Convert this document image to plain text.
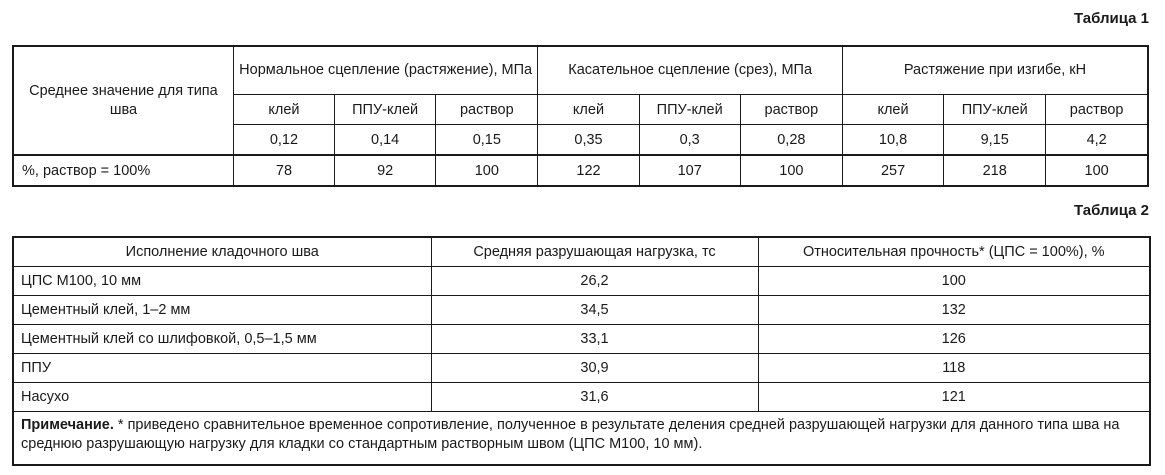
Таблица 1
Среднее значение для типа шва	Нормальное сцепление (растяжение), МПа			Касательное сцепление (срез), МПа			Растяжение при изгибе, кН		
	клей	ППУ-клей	раствор	клей	ППУ-клей	раствор	клей	ППУ-клей	раствор
	0,12	0,14	0,15	0,35	0,3	0,28	10,8	9,15	4,2
%, раствор = 100%	78	92	100	122	107	100	257	218	100
Таблица 2
Исполнение кладочного шва	Средняя разрушающая нагрузка, тс	Относительная прочность* (ЦПС = 100%), %
ЦПС М100, 10 мм	26,2	100
Цементный клей, 1–2 мм	34,5	132
Цементный клей со шлифовкой, 0,5–1,5 мм	33,1	126
ППУ	30,9	118
Насухо	31,6	121
Примечание. * приведено сравнительное временное сопротивление, полученное в результате деления средней разрушающей нагрузки для данного типа шва на среднюю разрушающую нагрузку для кладки со стандартным растворным швом (ЦПС М100, 10 мм).		
